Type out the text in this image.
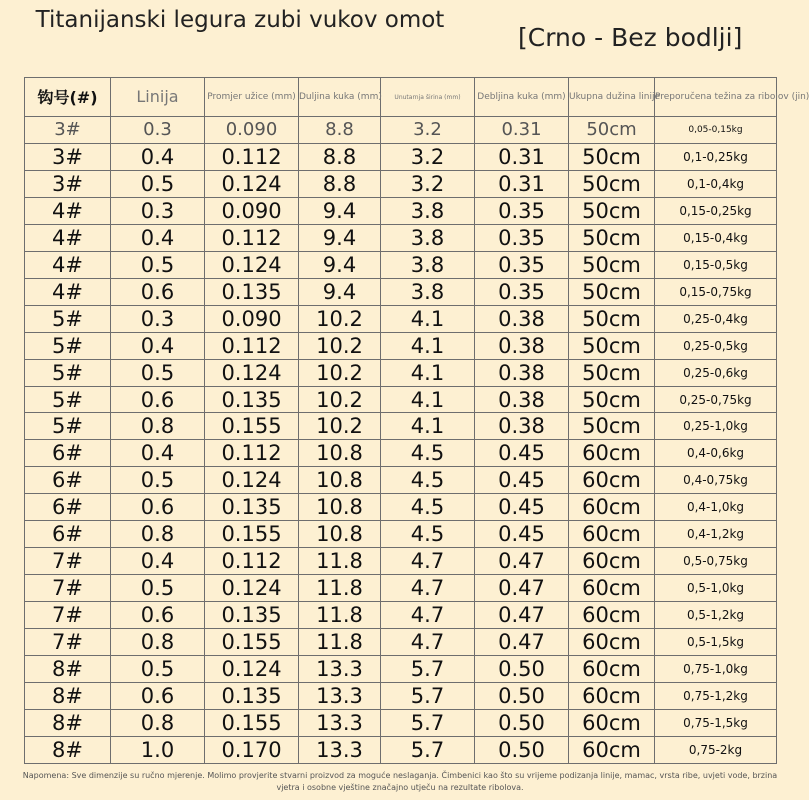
Titanijanski legura zubi vukov omot
[Crno - Bez bodlji]
钩号(#)	Linija	Promjer užice (mm)	Duljina kuka (mm)	Unutarnja širina (mm)	Debljina kuka (mm)	Ukupna dužina linije	Preporučena težina za ribolov (jin)
3#	0.3	0.090	8.8	3.2	0.31	50cm	0,05-0,15kg
3#	0.4	0.112	8.8	3.2	0.31	50cm	0,1-0,25kg
3#	0.5	0.124	8.8	3.2	0.31	50cm	0,1-0,4kg
4#	0.3	0.090	9.4	3.8	0.35	50cm	0,15-0,25kg
4#	0.4	0.112	9.4	3.8	0.35	50cm	0,15-0,4kg
4#	0.5	0.124	9.4	3.8	0.35	50cm	0,15-0,5kg
4#	0.6	0.135	9.4	3.8	0.35	50cm	0,15-0,75kg
5#	0.3	0.090	10.2	4.1	0.38	50cm	0,25-0,4kg
5#	0.4	0.112	10.2	4.1	0.38	50cm	0,25-0,5kg
5#	0.5	0.124	10.2	4.1	0.38	50cm	0,25-0,6kg
5#	0.6	0.135	10.2	4.1	0.38	50cm	0,25-0,75kg
5#	0.8	0.155	10.2	4.1	0.38	50cm	0,25-1,0kg
6#	0.4	0.112	10.8	4.5	0.45	60cm	0,4-0,6kg
6#	0.5	0.124	10.8	4.5	0.45	60cm	0,4-0,75kg
6#	0.6	0.135	10.8	4.5	0.45	60cm	0,4-1,0kg
6#	0.8	0.155	10.8	4.5	0.45	60cm	0,4-1,2kg
7#	0.4	0.112	11.8	4.7	0.47	60cm	0,5-0,75kg
7#	0.5	0.124	11.8	4.7	0.47	60cm	0,5-1,0kg
7#	0.6	0.135	11.8	4.7	0.47	60cm	0,5-1,2kg
7#	0.8	0.155	11.8	4.7	0.47	60cm	0,5-1,5kg
8#	0.5	0.124	13.3	5.7	0.50	60cm	0,75-1,0kg
8#	0.6	0.135	13.3	5.7	0.50	60cm	0,75-1,2kg
8#	0.8	0.155	13.3	5.7	0.50	60cm	0,75-1,5kg
8#	1.0	0.170	13.3	5.7	0.50	60cm	0,75-2kg
Napomena: Sve dimenzije su ručno mjerenje. Molimo provjerite stvarni proizvod za moguće neslaganja. Čimbenici kao što su vrijeme podizanja linije, mamac, vrsta ribe, uvjeti vode, brzina vjetra i osobne vještine značajno utječu na rezultate ribolova.
